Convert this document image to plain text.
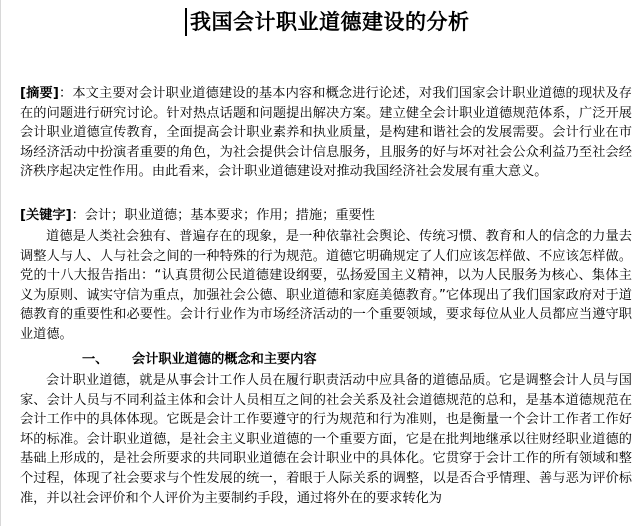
我国会计职业道德建设的分析
[摘要]：本文主要对会计职业道德建设的基本内容和概念进行论述，对我们国家会计职业道德的现状及存在的问题进行研究讨论。针对热点话题和问题提出解决方案。建立健全会计职业道德规范体系，广泛开展会计职业道德宣传教育，全面提高会计职业素养和执业质量，是构建和谐社会的发展需要。会计行业在市场经济活动中扮演者重要的角色，为社会提供会计信息服务，且服务的好与坏对社会公众利益乃至社会经济秩序起决定性作用。由此看来，会计职业道德建设对推动我国经济社会发展有重大意义。
[关键字]：会计；职业道德；基本要求；作用；措施；重要性
道德是人类社会独有、普遍存在的现象，是一种依靠社会舆论、传统习惯、教育和人的信念的力量去调整人与人、人与社会之间的一种特殊的行为规范。道德它明确规定了人们应该怎样做、不应该怎样做。党的十八大报告指出：“认真贯彻公民道德建设纲要，弘扬爱国主义精神，以为人民服务为核心、集体主义为原则、诚实守信为重点，加强社会公德、职业道德和家庭美德教育。”它体现出了我们国家政府对于道德教育的重要性和必要性。会计行业作为市场经济活动的一个重要领域，要求每位从业人员都应当遵守职业道德。
一、 会计职业道德的概念和主要内容
会计职业道德，就是从事会计工作人员在履行职责活动中应具备的道德品质。它是调整会计人员与国家、会计人员与不同利益主体和会计人员相互之间的社会关系及社会道德规范的总和，是基本道德规范在会计工作中的具体体现。它既是会计工作要遵守的行为规范和行为准则，也是衡量一个会计工作者工作好坏的标准。会计职业道德，是社会主义职业道德的一个重要方面，它是在批判地继承以往财经职业道德的基础上形成的，是社会所要求的共同职业道德在会计职业中的具体化。它贯穿于会计工作的所有领域和整个过程，体现了社会要求与个性发展的统一，着眼于人际关系的调整，以是否合乎情理、善与恶为评价标准，并以社会评价和个人评价为主要制约手段，通过将外在的要求转化为
